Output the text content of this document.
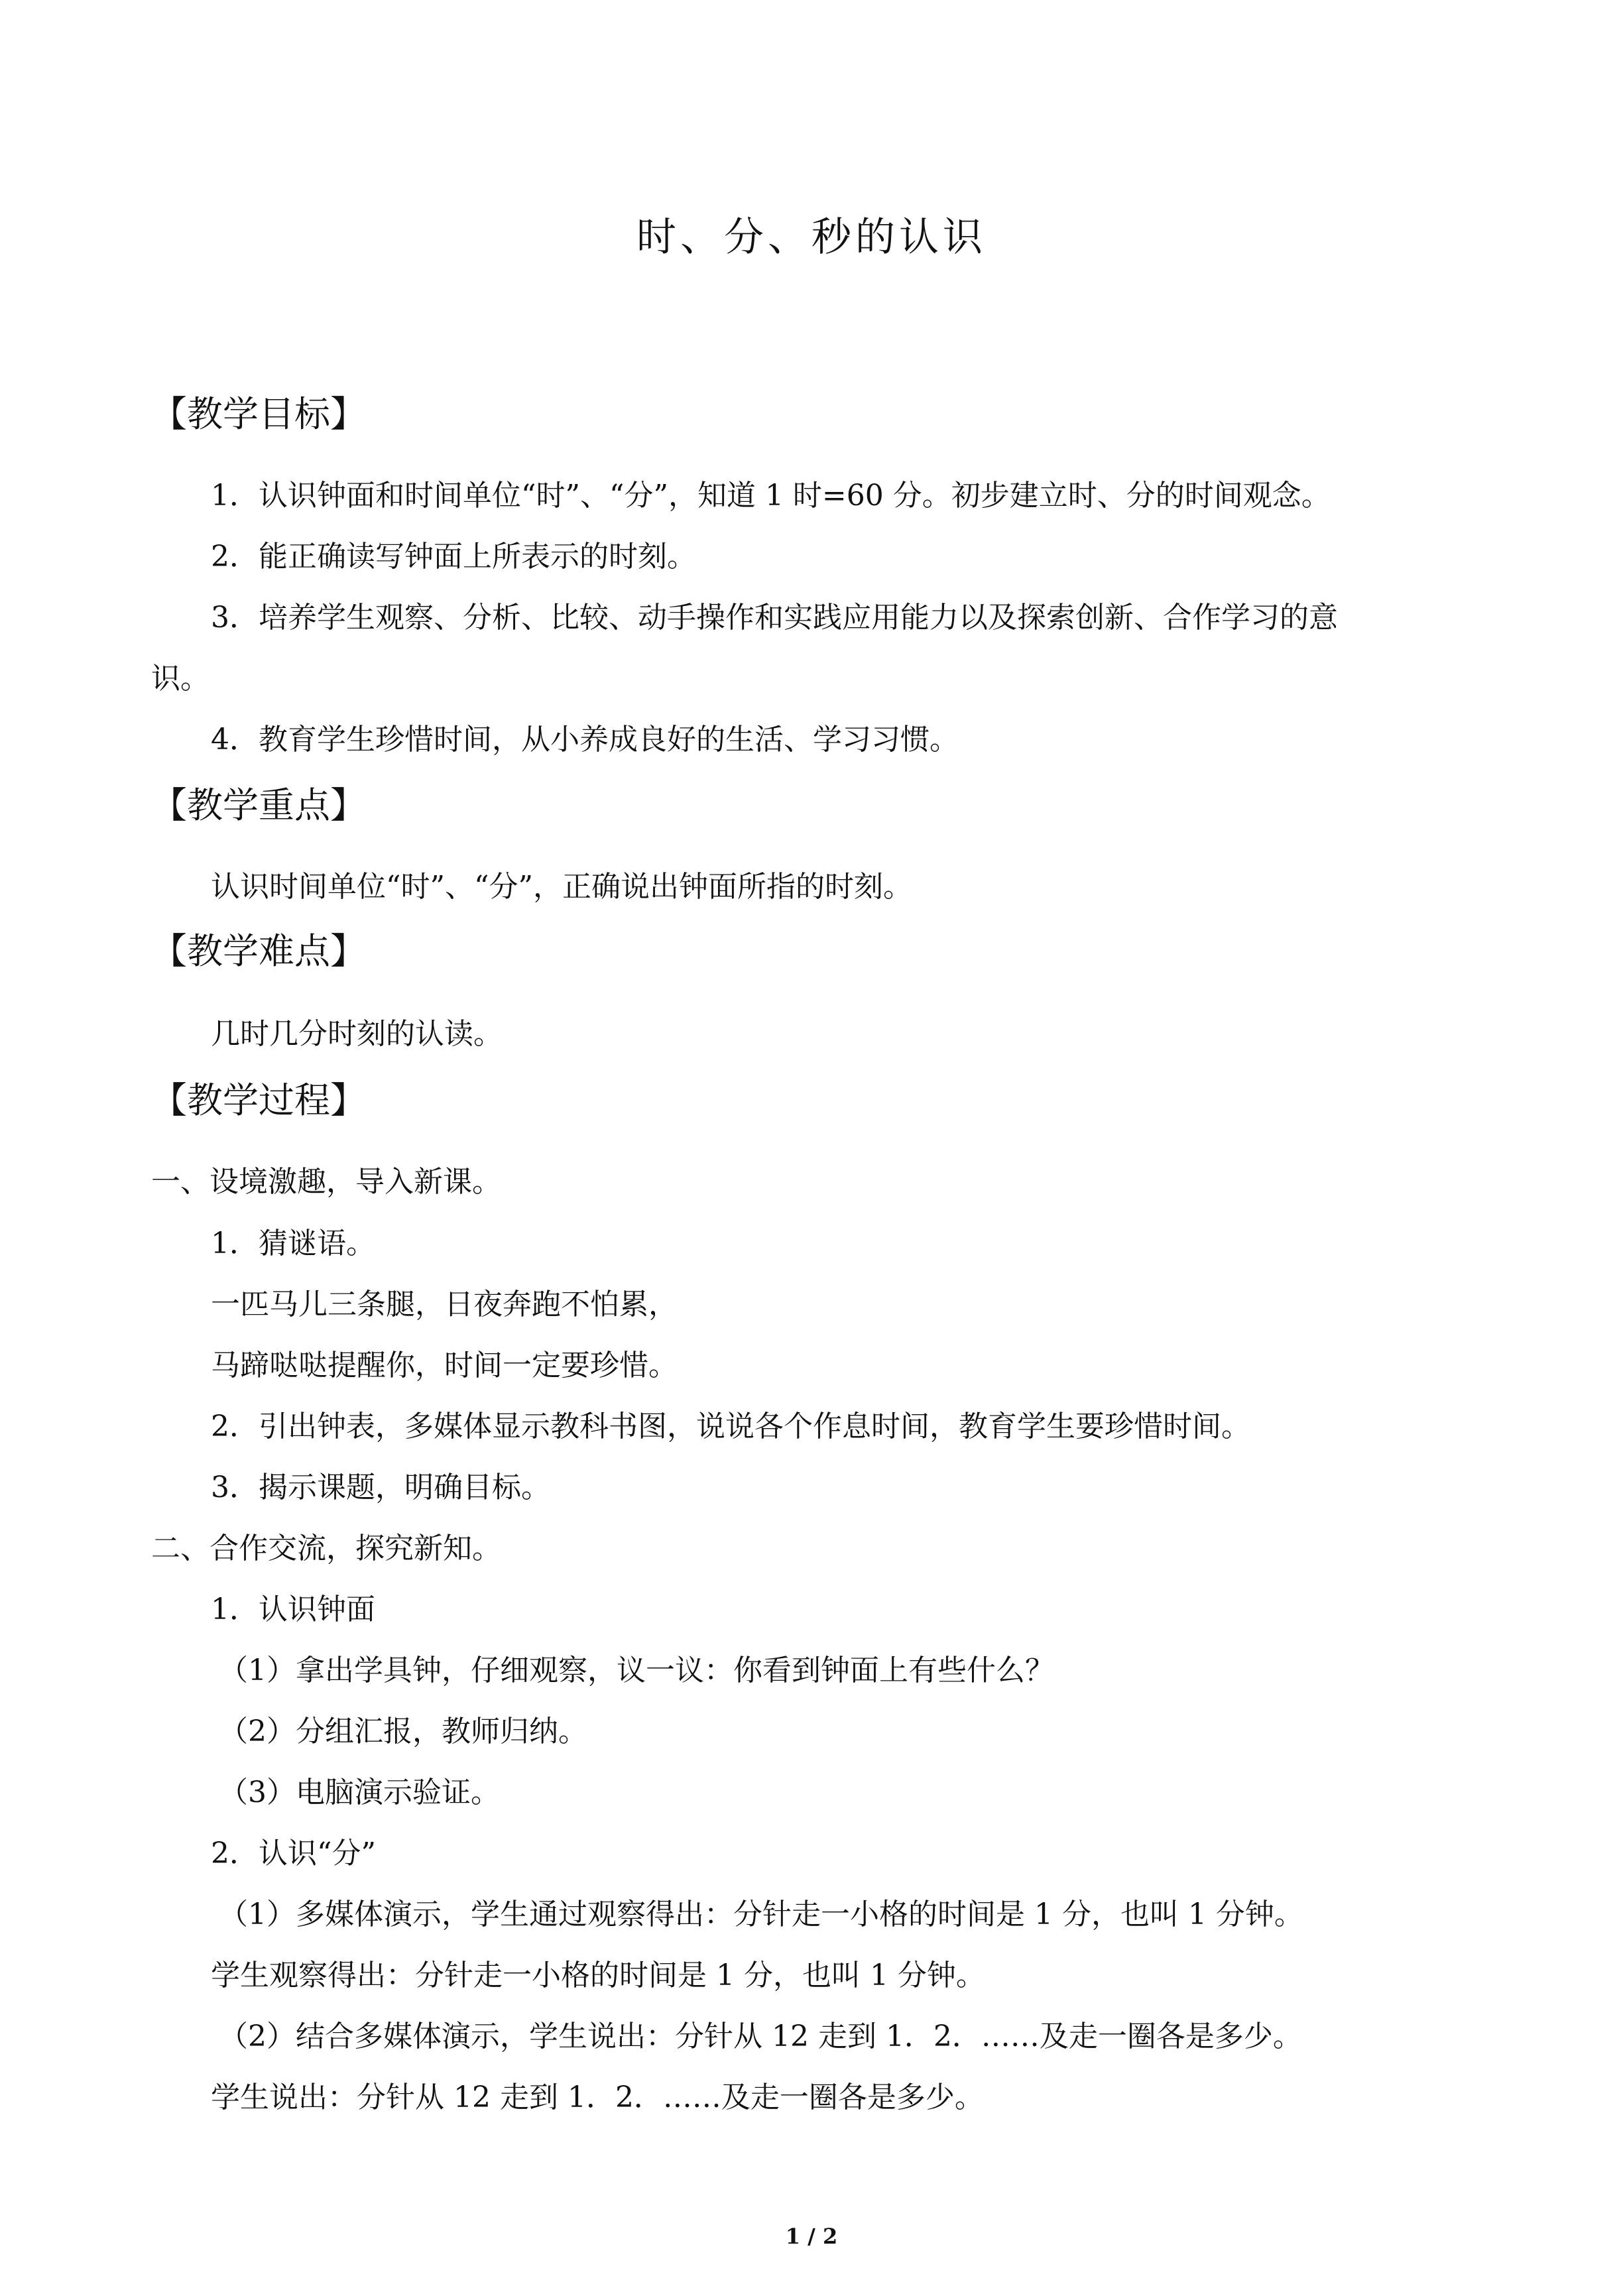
时、分、秒的认识
【教学目标】
1．认识钟面和时间单位“时”、“分”，知道 1 时=60 分。初步建立时、分的时间观念。
2．能正确读写钟面上所表示的时刻。
3．培养学生观察、分析、比较、动手操作和实践应用能力以及探索创新、合作学习的意
识。
4．教育学生珍惜时间，从小养成良好的生活、学习习惯。
【教学重点】
认识时间单位“时”、“分”，正确说出钟面所指的时刻。
【教学难点】
几时几分时刻的认读。
【教学过程】
一、设境激趣，导入新课。
1．猜谜语。
一匹马儿三条腿，日夜奔跑不怕累，
马蹄哒哒提醒你，时间一定要珍惜。
2．引出钟表，多媒体显示教科书图，说说各个作息时间，教育学生要珍惜时间。
3．揭示课题，明确目标。
二、合作交流，探究新知。
1．认识钟面
（1）拿出学具钟，仔细观察，议一议：你看到钟面上有些什么？
（2）分组汇报，教师归纳。
（3）电脑演示验证。
2．认识“分”
（1）多媒体演示，学生通过观察得出：分针走一小格的时间是 1 分，也叫 1 分钟。
学生观察得出：分针走一小格的时间是 1 分，也叫 1 分钟。
（2）结合多媒体演示，学生说出：分针从 12 走到 1．2．……及走一圈各是多少。
学生说出：分针从 12 走到 1．2．……及走一圈各是多少。
1 / 2
